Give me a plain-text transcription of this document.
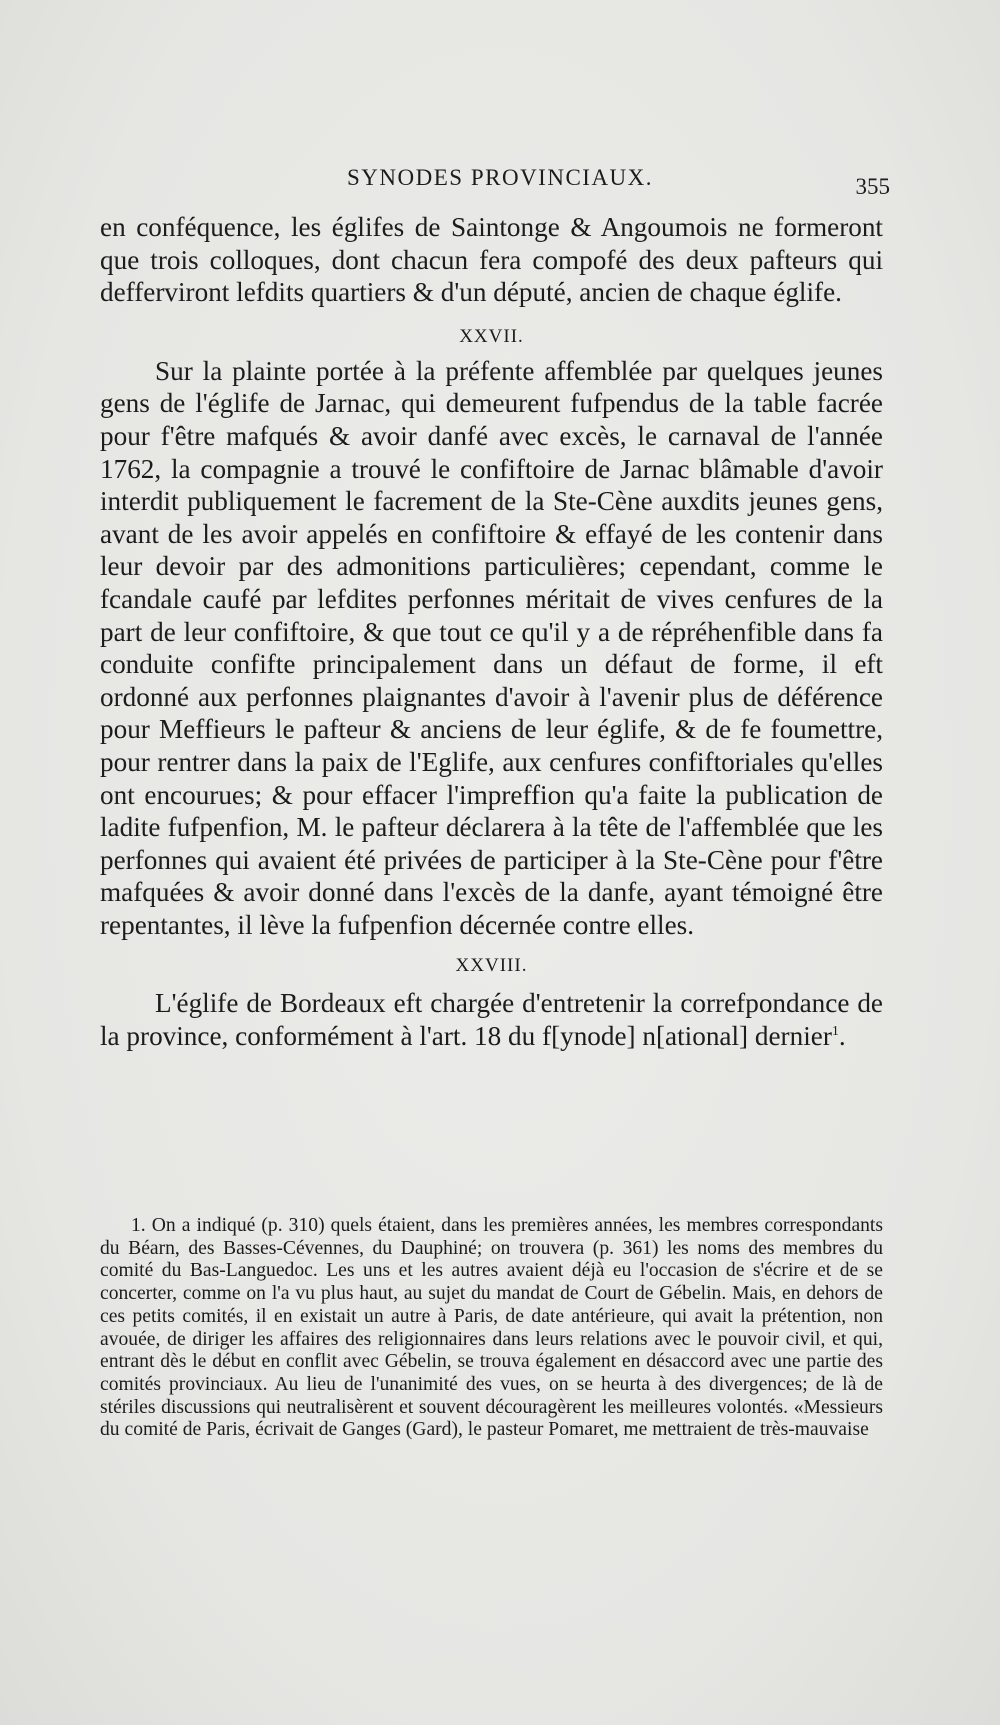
SYNODES PROVINCIAUX.	355

en conféquence, les églifes de Saintonge & Angoumois ne formeront que trois colloques, dont chacun fera compofé des deux pafteurs qui defferviront lefdits quartiers & d'un député, ancien de chaque églife.

XXVII.

Sur la plainte portée à la préfente affemblée par quelques jeunes gens de l'églife de Jarnac, qui demeurent fufpendus de la table facrée pour f'être mafqués & avoir danfé avec excès, le carnaval de l'année 1762, la compagnie a trouvé le confiftoire de Jarnac blâmable d'avoir interdit publiquement le facrement de la Ste-Cène auxdits jeunes gens, avant de les avoir appelés en confiftoire & effayé de les contenir dans leur devoir par des admonitions particulières; cependant, comme le fcandale caufé par lefdites perfonnes méritait de vives cenfures de la part de leur confiftoire, & que tout ce qu'il y a de répréhenfible dans fa conduite confifte principalement dans un défaut de forme, il eft ordonné aux perfonnes plaignantes d'avoir à l'avenir plus de déférence pour Meffieurs le pafteur & anciens de leur églife, & de fe foumettre, pour rentrer dans la paix de l'Eglife, aux cenfures confiftoriales qu'elles ont encourues; & pour effacer l'impreffion qu'a faite la publication de ladite fufpenfion, M. le pafteur déclarera à la tête de l'affemblée que les perfonnes qui avaient été privées de participer à la Ste-Cène pour f'être mafquées & avoir donné dans l'excès de la danfe, ayant témoigné être repentantes, il lève la fufpenfion décernée contre elles.

XXVIII.

L'églife de Bordeaux eft chargée d'entretenir la correfpondance de la province, conformément à l'art. 18 du f[ynode] n[ational] dernier$^1$.

1. On a indiqué (p. 310) quels étaient, dans les premières années, les membres correspondants du Béarn, des Basses-Cévennes, du Dauphiné; on trouvera (p. 361) les noms des membres du comité du Bas-Languedoc. Les uns et les autres avaient déjà eu l'occasion de s'écrire et de se concerter, comme on l'a vu plus haut, au sujet du mandat de Court de Gébelin. Mais, en dehors de ces petits comités, il en existait un autre à Paris, de date antérieure, qui avait la prétention, non avouée, de diriger les affaires des religionnaires dans leurs relations avec le pouvoir civil, et qui, entrant dès le début en conflit avec Gébelin, se trouva également en désaccord avec une partie des comités provinciaux. Au lieu de l'unanimité des vues, on se heurta à des divergences; de là de stériles discussions qui neutralisèrent et souvent découragèrent les meilleures volontés. «Messieurs du comité de Paris, écrivait de Ganges (Gard), le pasteur Pomaret, me mettraient de très-mauvaise
